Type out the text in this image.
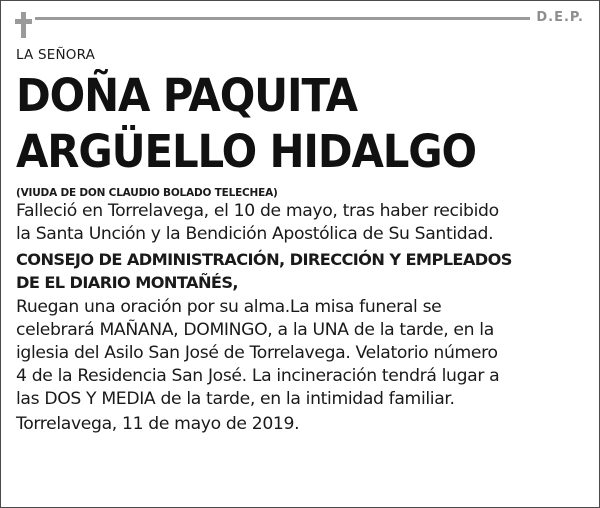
D.E.P.
LA SEÑORA
DOÑA PAQUITA
ARGÜELLO HIDALGO
(VIUDA DE DON CLAUDIO BOLADO TELECHEA)
Falleció en Torrelavega, el 10 de mayo, tras haber recibido
la Santa Unción y la Bendición Apostólica de Su Santidad.
CONSEJO DE ADMINISTRACIÓN, DIRECCIÓN Y EMPLEADOS
DE EL DIARIO MONTAÑÉS,
Ruegan una oración por su alma.La misa funeral se
celebrará MAÑANA, DOMINGO, a la UNA de la tarde, en la
iglesia del Asilo San José de Torrelavega. Velatorio número
4 de la Residencia San José. La incineración tendrá lugar a
las DOS Y MEDIA de la tarde, en la intimidad familiar.
Torrelavega, 11 de mayo de 2019.
